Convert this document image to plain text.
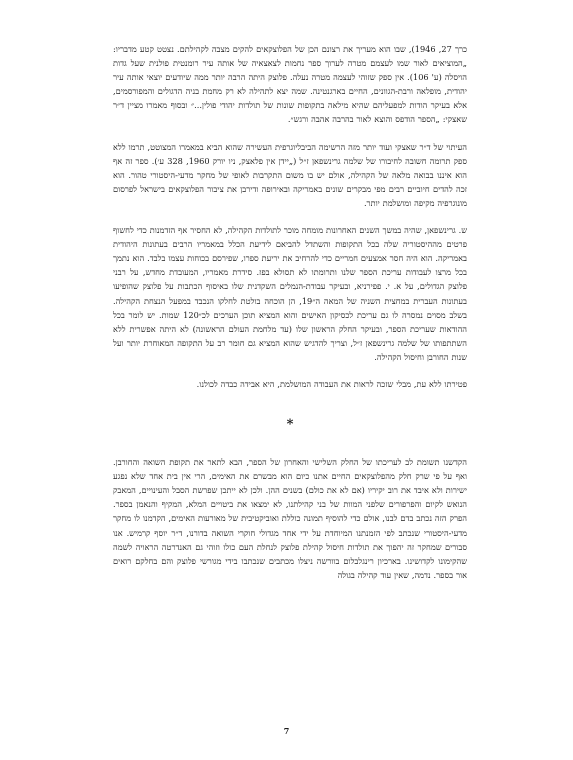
כרך 27, 1946), שבו הוא מעריך את רצונם הכן של הפלוצקאים להקים מצבה לקהילתם. נצטט קטע מדבריו: „המוציאים לאור שמו לעצמם מטרה לערוך ספר נחמות לצאצאיה של אותה עיר רומנטית פולנית שעל גדות הויסלה (ע' 106). אין ספק שזוהי לעצמה מטרה נעלה. פלוצק היתה הרבה יותר ממה שיודעים יוצאי אותה עיר יהודית, מופלאה ורבת-הגוונים, החיים בארגנטינה. שמה יצא לתהילה לא רק מחמת בניה הדגולים והמפורסמים, אלא בעיקר הודות למפעליהם שהיא מילאה בתקופות שונות של תולדות יהודי פולין...״ ובסוף מאמרו מציין ד״ר שאצקי: „הספר הודפס והוצא לאור בהרבה אהבה ורגש״.

העיתוי של ד״ר שאצקי ועוד יותר מזה הרשימה הביבליוגרפית העשירה שהוא הביא במאמרו המצוטט, תרמו ללא ספק תרומה חשובה לחיבורו של שלמה גרינשפאן ז״ל („יידן אין פלאצק, ניו יורק 1960, 328 ע׳). ספר זה אף הוא איננו בבואה מלאה של הקהילה, אולם יש בו משום התקרבות לאופי של מחקר מדעי-היסטורי טהור. הוא זכה להדים חיוביים רבים מפי מבקרים שונים באמריקה ובאירופה ודירבן את ציבור הפלוצקאים בישראל לפרסום מונוגרפיה מקיפה ומושלמת יותר.

ש. גרינשפאן, שהיה במשך השנים האחרונות מומחה מוכר לתולדות הקהילה, לא החסיר אף הזדמנות כדי לחשוף פרטים מההיסטוריה שלה בכל התקופות והשתדל להביאם לידיעת הכלל במאמריו הרבים בעתונות היהודית באמריקה. הוא היה חסר אמצעים חמריים כדי להרחיב את יריעת ספרו, שפירסם בכוחות עצמו בלבד. הוא נתמך בכל מרצו לעבודות עריכת הספר שלנו ותרומתו לא תסולא בפז. סידרת מאמריו, המעובדת מחדש, על רבני פלוצק הגדולים, על א. י. פפירניא, ובעיקר עבודת-הנמלים השקדנית שלו באיסוף הכתבות על פלוצק שהופיעו בעתונות העברית במחצית השניה של המאה ה״19, הן הוכחה בולטת לחלקו הנכבד במפעל הנצחת הקהילה. בשלב מסוים נמסרה לו גם עריכת לכסיקון האישים והוא המציא תוכן הערכים לכ״120 שמות. יש לומר בכל ההודאות שעריכת הספר, ובעיקר החלק הראשון שלו (עד מלחמת העולם הראשונה) לא היתה אפשרית ללא השתתפותו של שלמה גרינשפאן ז״ל, וצריך להדגיש שהוא המציא גם חומר רב על התקופה המאוחרת יותר ועל שנות החורבן וחיסול הקהילה.

פטירתו ללא עת, מבלי שזכה לראות את העבודה המושלמת, היא אבידה כבדה לכולנו.

*

הקדשנו תשומת לב לעריכתו של החלק השלישי והאחרון של הספר, הבא לתאר את תקופת השואה והחורבן. ואף על פי שרק חלק מהפלוצקאים החיים אתנו כיום הוא מבשרם את האימים, הרי אין בית אחד שלא נפגע ישירות ולא איבד את רוב יקיריו (אם לא את כולם) בשנים ההן. ולכן לא ייתכן שפרשת הסבל והעינויים, המאבק הנואש לקיום והפרפורים שלפני המוות של בני קהילתנו, לא ימצאו את ביטויים המלא, המקיף והנאמן בספר. הפרק הזה נכתב בדם לבנו, אולם כדי להוסיף תמונה כוללת ואוביקטיבית של מאורעות האימים, הקדמנו לו מחקר מדעי-היסטורי שנכתב לפי הזמנתנו המיוחדת על ידי אחד מגדולי חוקרי השואה בדורנו, ד״ר יוסף קרמיש. אנו סבורים שמחקר זה יהפוך את תולדות חיסול קהילת פלוצק לנחלת העם כולו וזוהי גם האנדרטה הראויה לשמה שהקימונו לקדושינו. בארכיון רינגלבלום בוורשה ניצלו מכתבים שנכתבו בידי מגורשי פלוצק והם בחלקם רואים אור בספר. נדמה, שאין עוד קהילה בגולה

7
